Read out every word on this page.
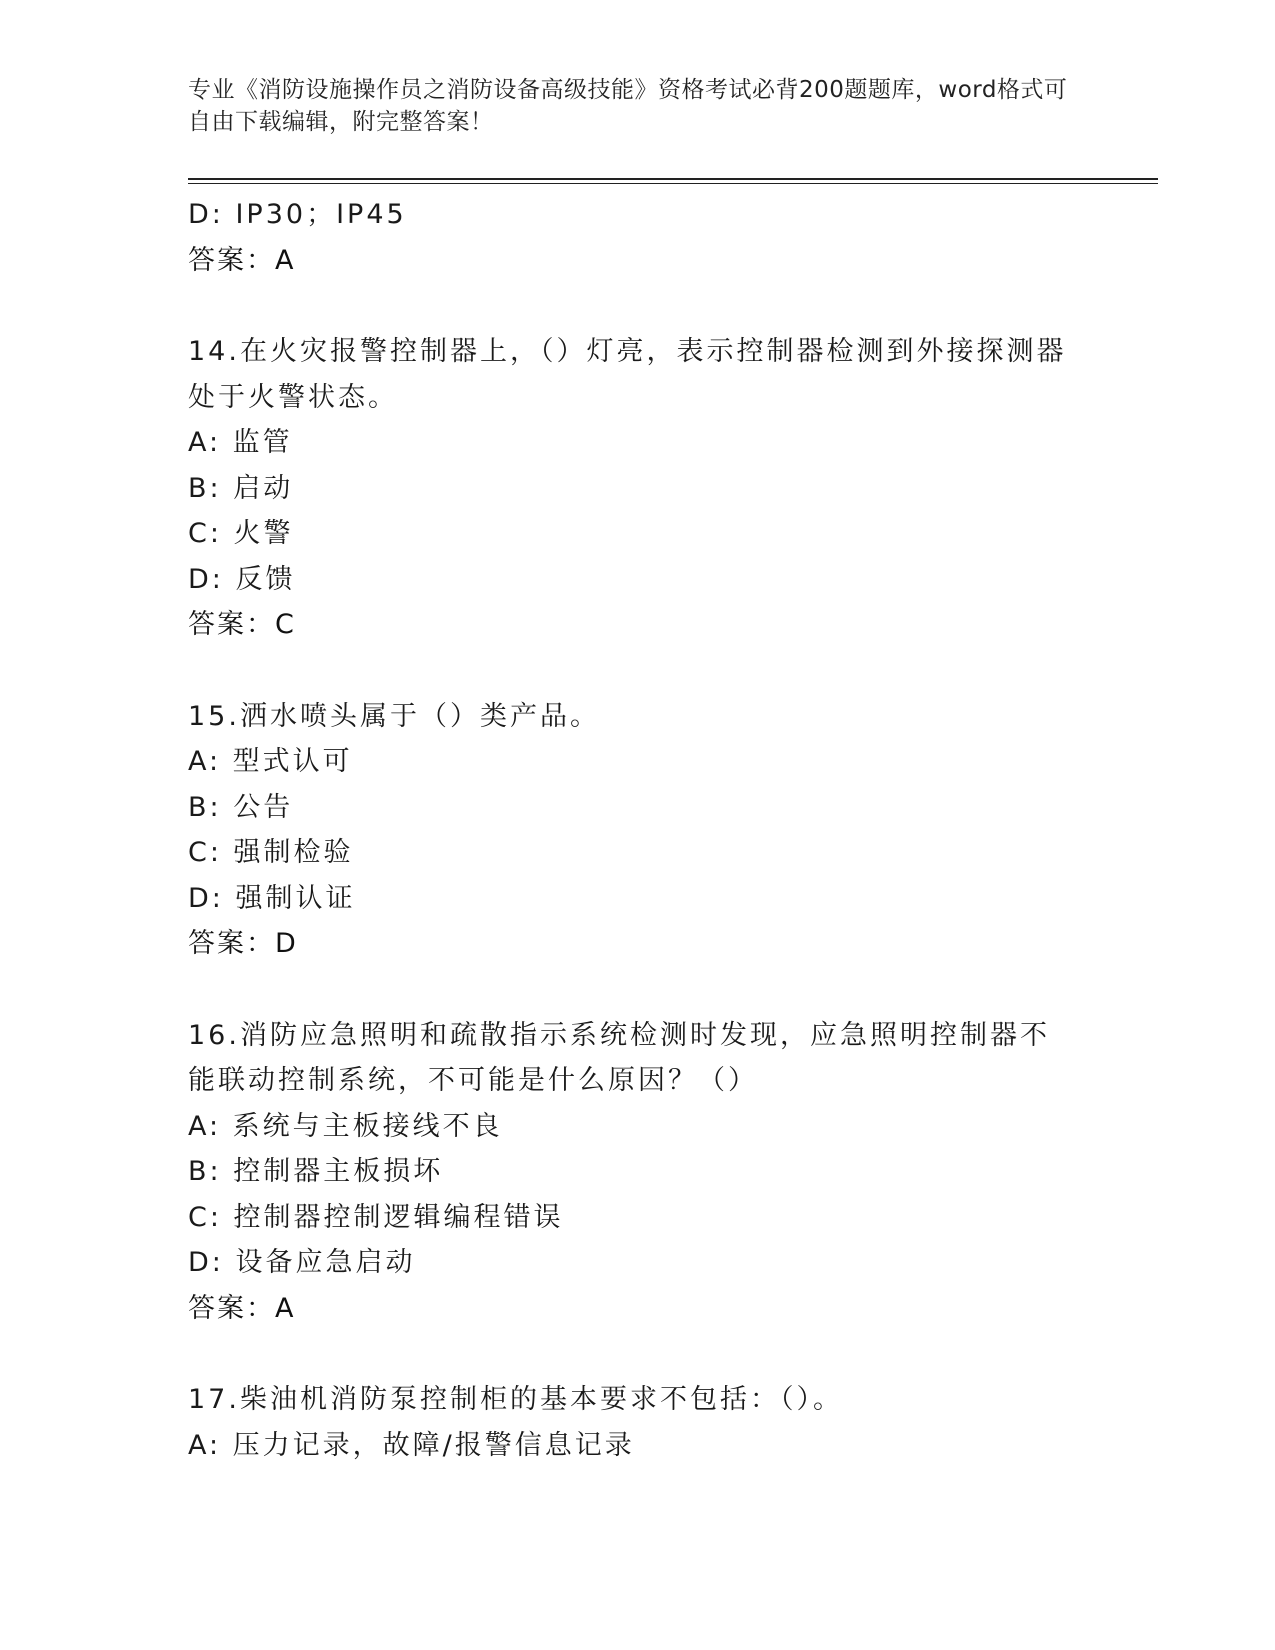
专业《消防设施操作员之消防设备高级技能》资格考试必背200题题库，word格式可自由下载编辑，附完整答案！
D: IP30；IP45
答案：A
14.在火灾报警控制器上，（）灯亮，表示控制器检测到外接探测器处于火警状态。
A: 监管
B: 启动
C: 火警
D: 反馈
答案：C
15.洒水喷头属于（）类产品。
A: 型式认可
B: 公告
C: 强制检验
D: 强制认证
答案：D
16.消防应急照明和疏散指示系统检测时发现，应急照明控制器不能联动控制系统，不可能是什么原因？（）
A: 系统与主板接线不良
B: 控制器主板损坏
C: 控制器控制逻辑编程错误
D: 设备应急启动
答案：A
17.柴油机消防泵控制柜的基本要求不包括：（）。
A: 压力记录，故障/报警信息记录
